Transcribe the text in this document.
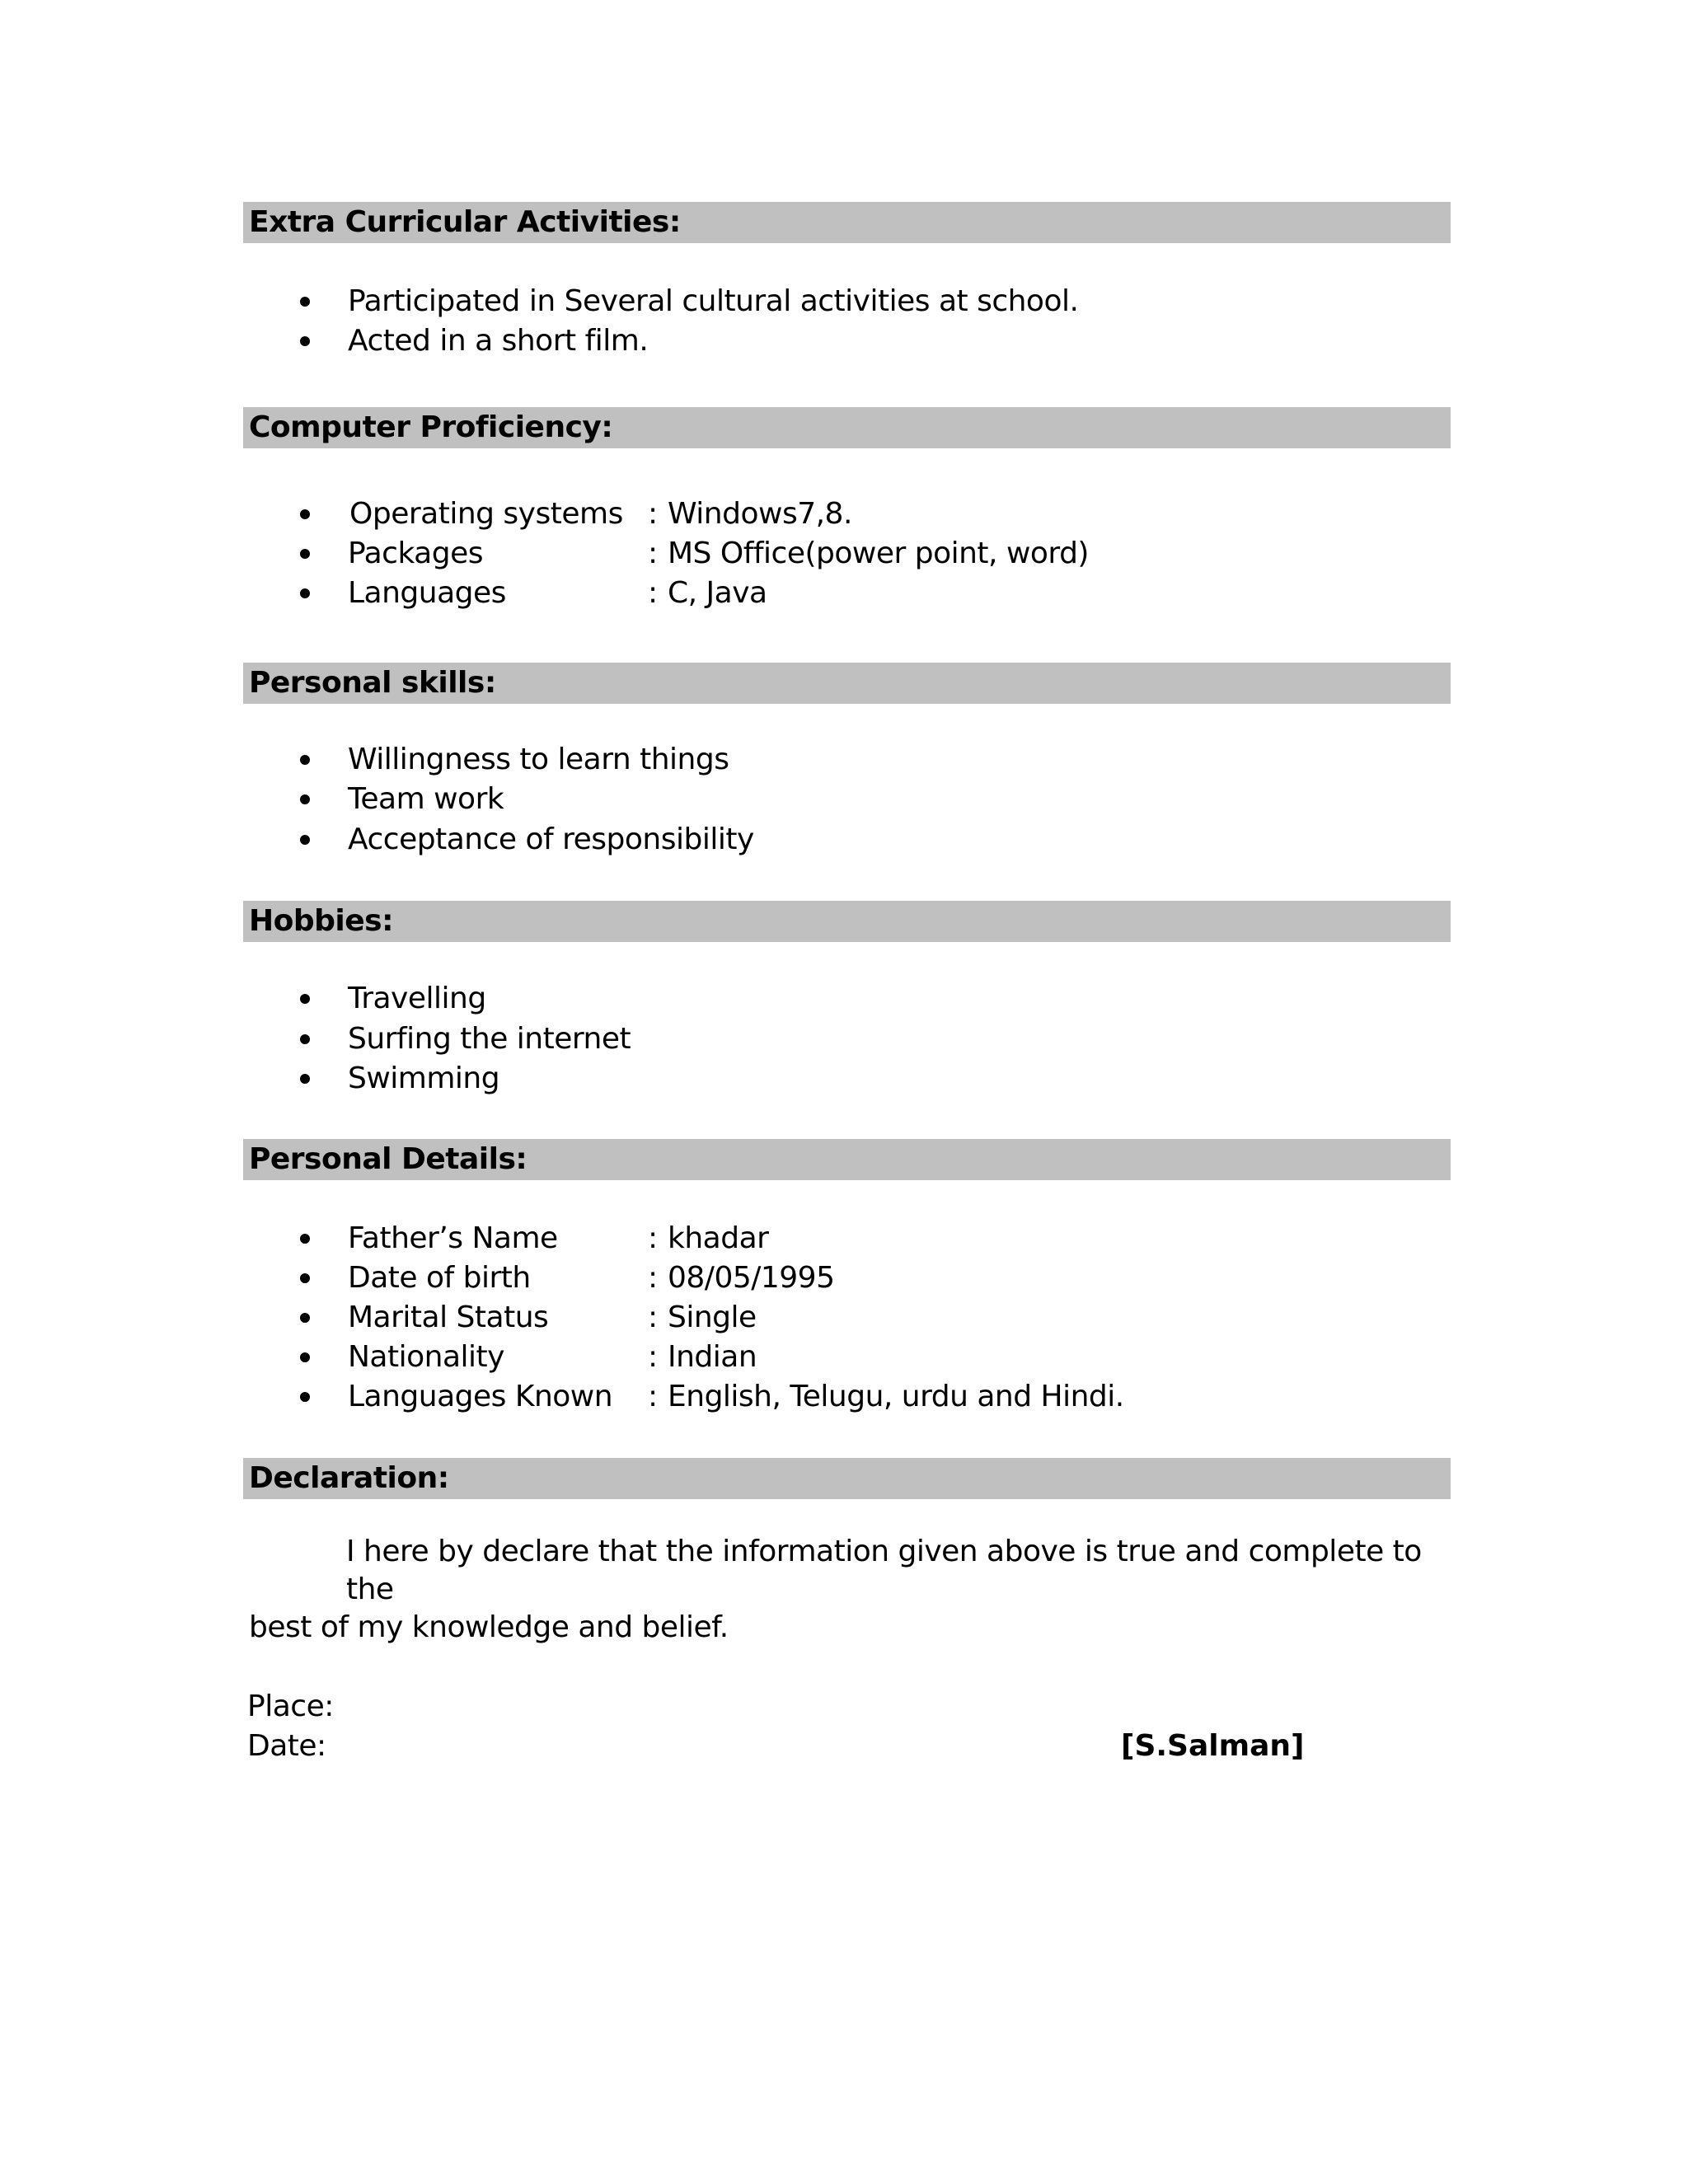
Extra Curricular Activities:
Participated in Several cultural activities at school.
Acted in a short film.
Computer Proficiency:
Operating systems : Windows7,8.
Packages	: MS Office(power point, word)
Languages	: C, Java
Personal skills:
Willingness to learn things
Team work
Acceptance of responsibility
Hobbies:
Travelling
Surfing the internet
Swimming
Personal Details:
Father’s Name	: khadar
Date of birth	: 08/05/1995
Marital Status	: Single
Nationality	: Indian
Languages Known : English, Telugu, urdu and Hindi.
Declaration:
I here by declare that the information given above is true and complete to the
best of my knowledge and belief.
Place:
Date:	[S.Salman]
